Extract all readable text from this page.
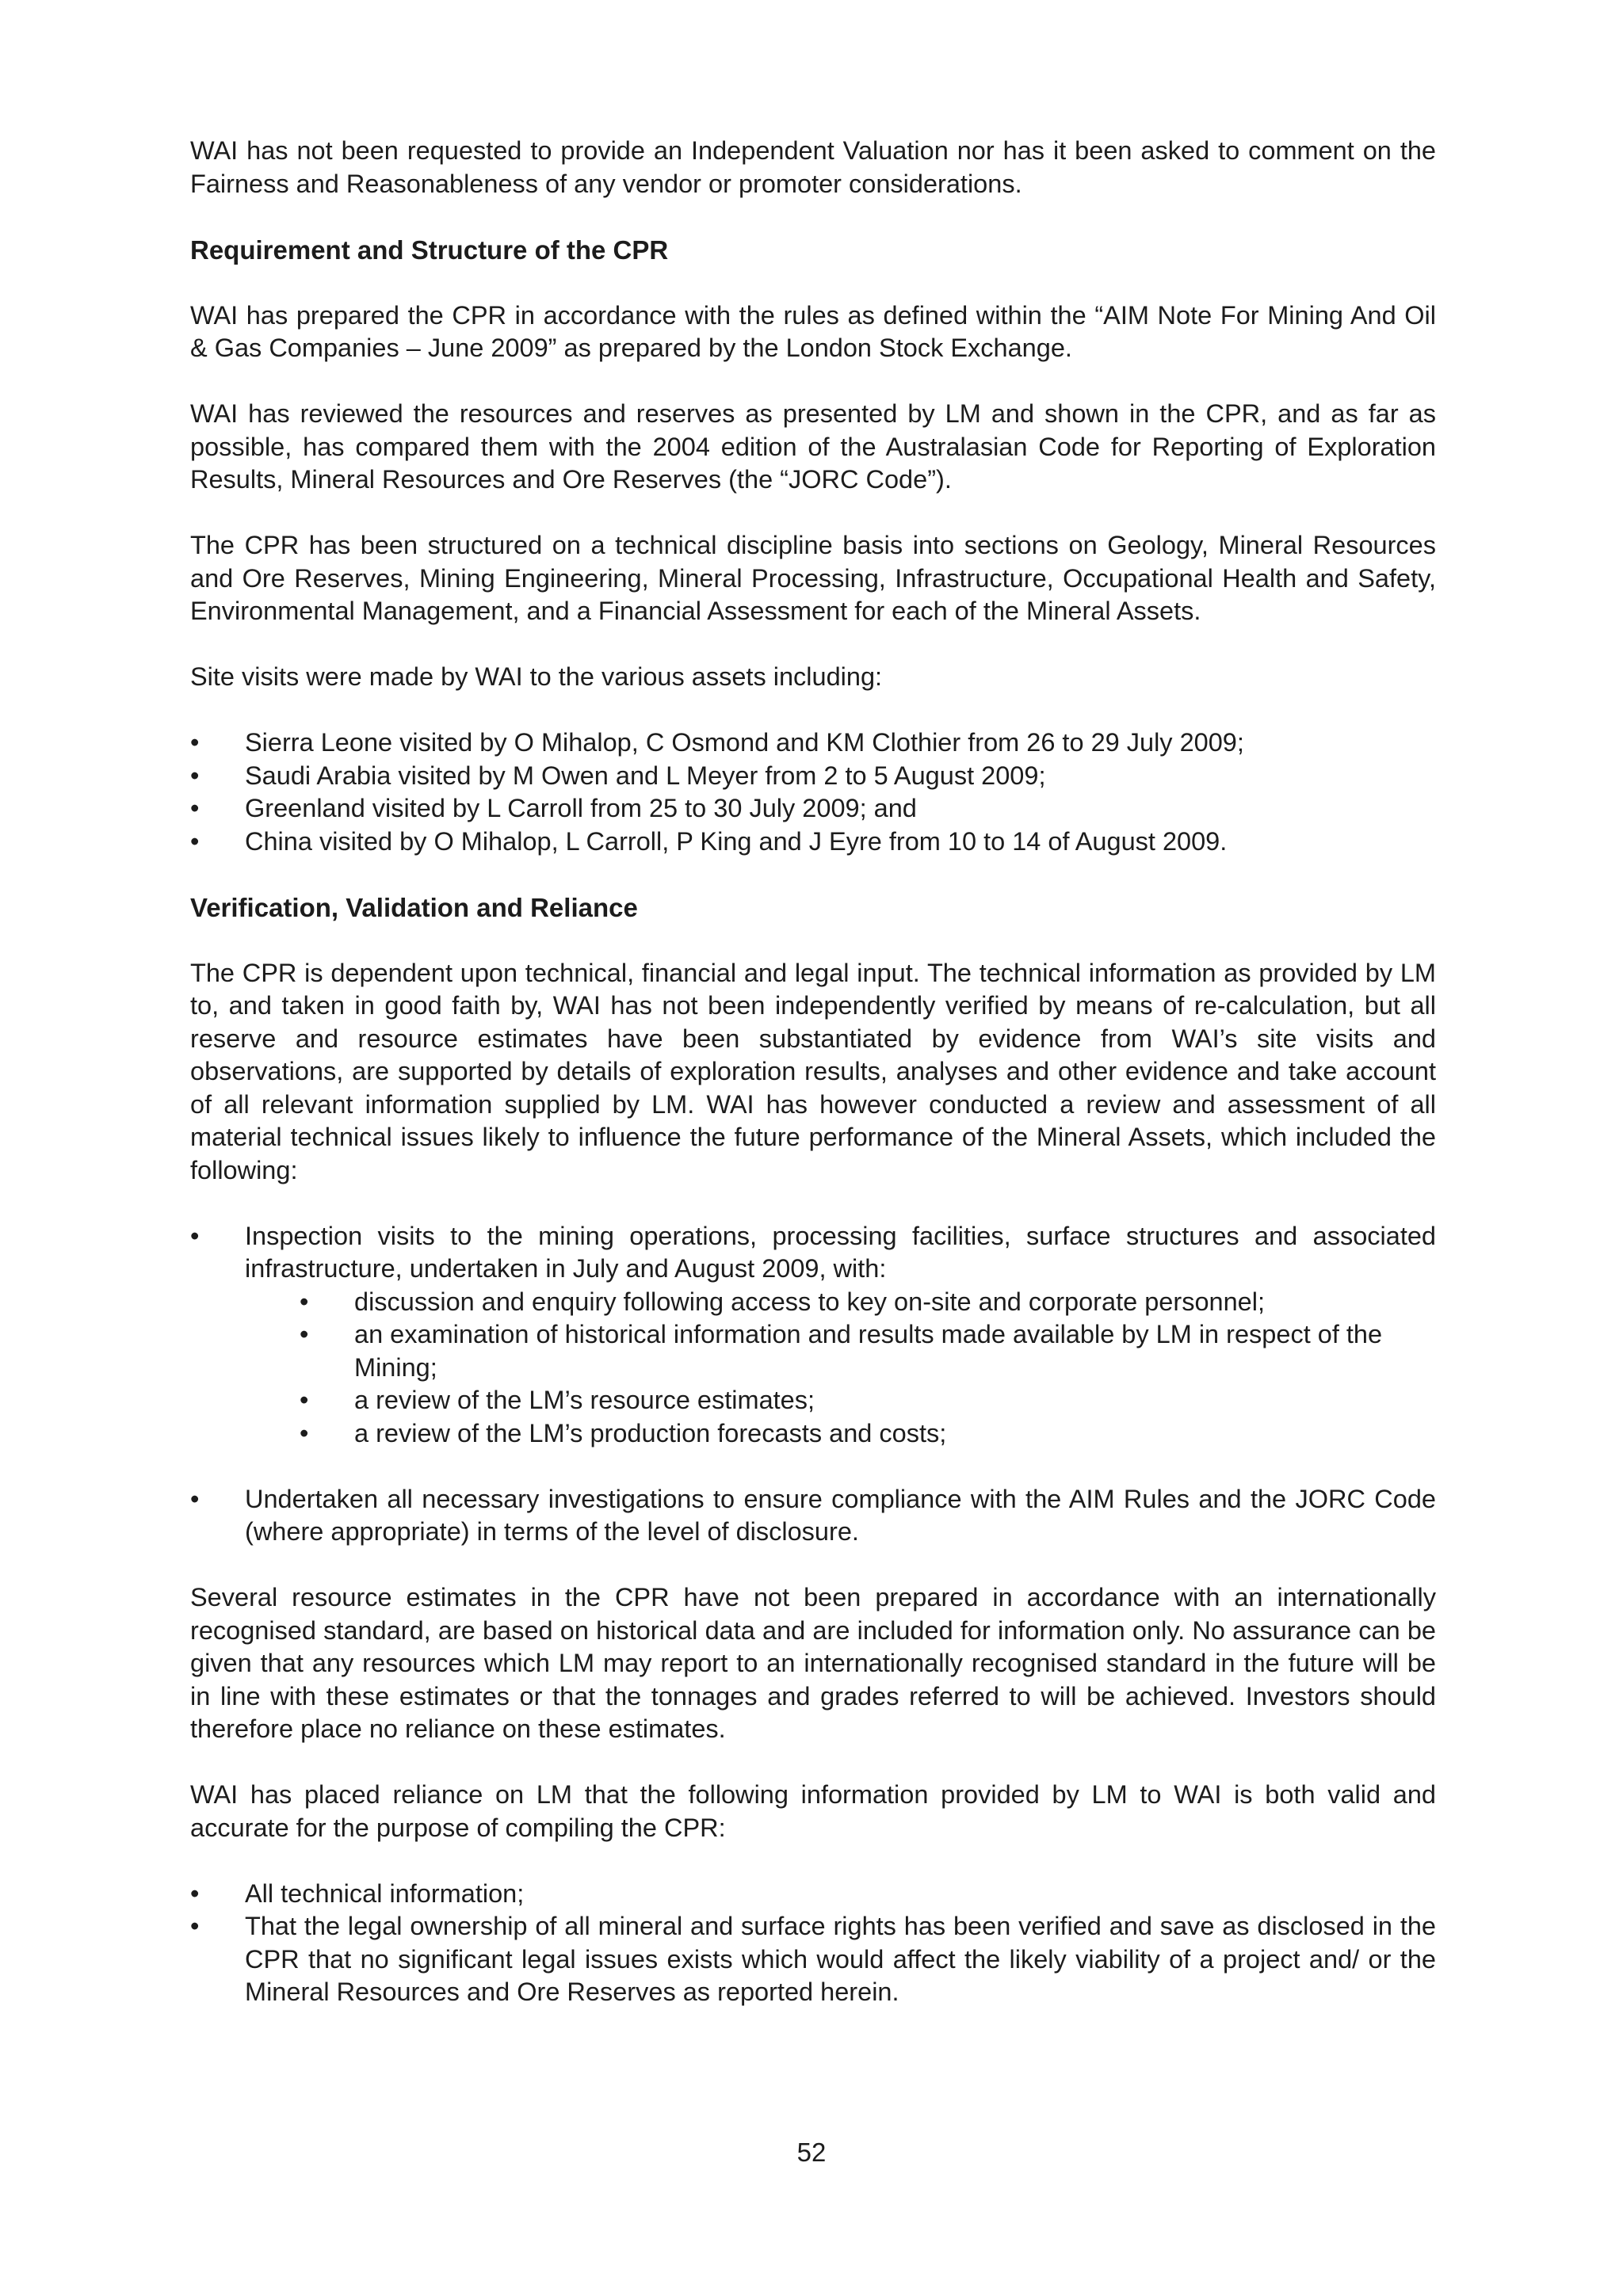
WAI has not been requested to provide an Independent Valuation nor has it been asked to comment on the Fairness and Reasonableness of any vendor or promoter considerations.

Requirement and Structure of the CPR

WAI has prepared the CPR in accordance with the rules as defined within the “AIM Note For Mining And Oil & Gas Companies – June 2009” as prepared by the London Stock Exchange.

WAI has reviewed the resources and reserves as presented by LM and shown in the CPR, and as far as possible, has compared them with the 2004 edition of the Australasian Code for Reporting of Exploration Results, Mineral Resources and Ore Reserves (the “JORC Code”).

The CPR has been structured on a technical discipline basis into sections on Geology, Mineral Resources and Ore Reserves, Mining Engineering, Mineral Processing, Infrastructure, Occupational Health and Safety, Environmental Management, and a Financial Assessment for each of the Mineral Assets.

Site visits were made by WAI to the various assets including:

•	Sierra Leone visited by O Mihalop, C Osmond and KM Clothier from 26 to 29 July 2009;
•	Saudi Arabia visited by M Owen and L Meyer from 2 to 5 August 2009;
•	Greenland visited by L Carroll from 25 to 30 July 2009; and
•	China visited by O Mihalop, L Carroll, P King and J Eyre from 10 to 14 of August 2009.
Verification, Validation and Reliance

The CPR is dependent upon technical, financial and legal input. The technical information as provided by LM to, and taken in good faith by, WAI has not been independently verified by means of re-calculation, but all reserve and resource estimates have been substantiated by evidence from WAI’s site visits and observations, are supported by details of exploration results, analyses and other evidence and take account of all relevant information supplied by LM. WAI has however conducted a review and assessment of all material technical issues likely to influence the future performance of the Mineral Assets, which included the following:

•	Inspection visits to the mining operations, processing facilities, surface structures and associated infrastructure, undertaken in July and August 2009, with:
• discussion and enquiry following access to key on-site and corporate personnel;
• an examination of historical information and results made available by LM in respect of the Mining;
• a review of the LM’s resource estimates;
• a review of the LM’s production forecasts and costs;
•	Undertaken all necessary investigations to ensure compliance with the AIM Rules and the JORC Code (where appropriate) in terms of the level of disclosure.

Several resource estimates in the CPR have not been prepared in accordance with an internationally recognised standard, are based on historical data and are included for information only. No assurance can be given that any resources which LM may report to an internationally recognised standard in the future will be in line with these estimates or that the tonnages and grades referred to will be achieved. Investors should therefore place no reliance on these estimates.

WAI has placed reliance on LM that the following information provided by LM to WAI is both valid and accurate for the purpose of compiling the CPR:

•	All technical information;
•	That the legal ownership of all mineral and surface rights has been verified and save as disclosed in the CPR that no significant legal issues exists which would affect the likely viability of a project and/ or the Mineral Resources and Ore Reserves as reported herein.
52
